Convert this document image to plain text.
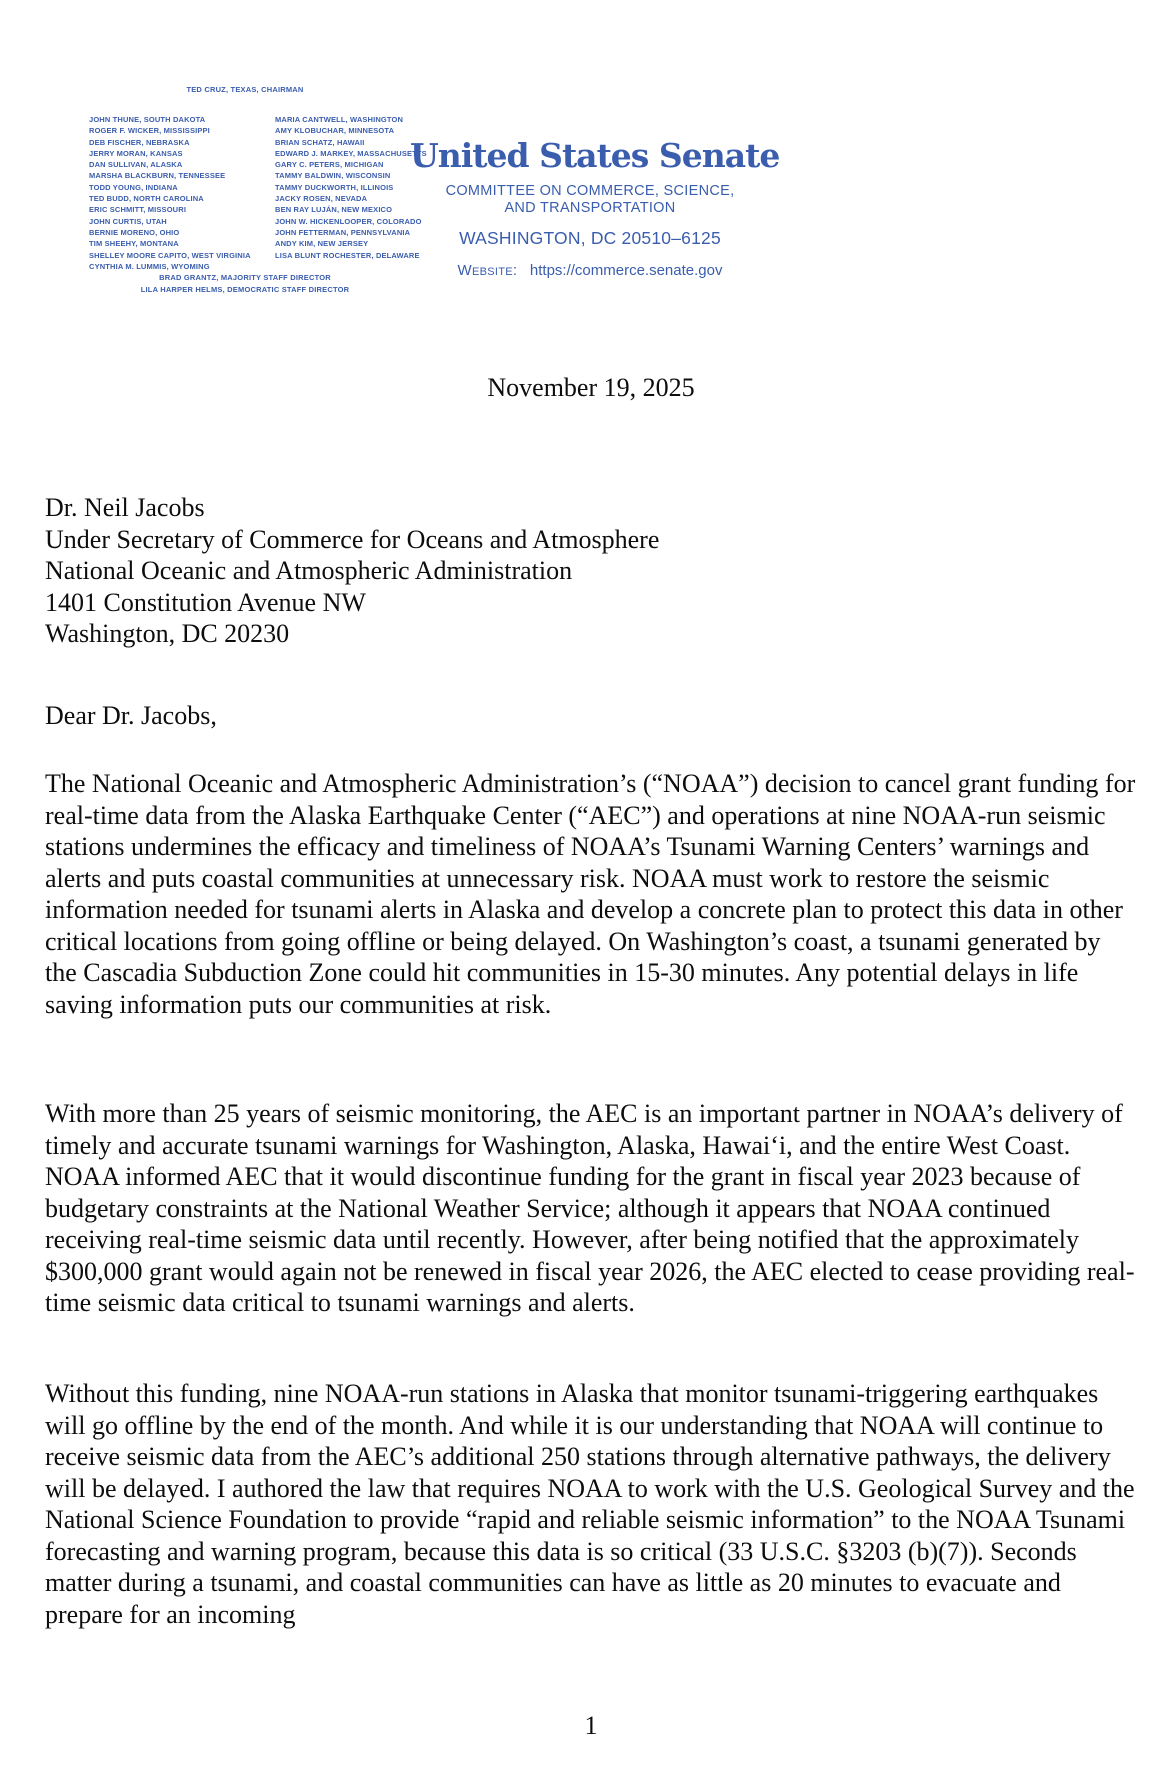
TED CRUZ, TEXAS, CHAIRMAN
JOHN THUNE, SOUTH DAKOTA
ROGER F. WICKER, MISSISSIPPI
DEB FISCHER, NEBRASKA
JERRY MORAN, KANSAS
DAN SULLIVAN, ALASKA
MARSHA BLACKBURN, TENNESSEE
TODD YOUNG, INDIANA
TED BUDD, NORTH CAROLINA
ERIC SCHMITT, MISSOURI
JOHN CURTIS, UTAH
BERNIE MORENO, OHIO
TIM SHEEHY, MONTANA
SHELLEY MOORE CAPITO, WEST VIRGINIA
CYNTHIA M. LUMMIS, WYOMING
MARIA CANTWELL, WASHINGTON
AMY KLOBUCHAR, MINNESOTA
BRIAN SCHATZ, HAWAII
EDWARD J. MARKEY, MASSACHUSETTS
GARY C. PETERS, MICHIGAN
TAMMY BALDWIN, WISCONSIN
TAMMY DUCKWORTH, ILLINOIS
JACKY ROSEN, NEVADA
BEN RAY LUJÁN, NEW MEXICO
JOHN W. HICKENLOOPER, COLORADO
JOHN FETTERMAN, PENNSYLVANIA
ANDY KIM, NEW JERSEY
LISA BLUNT ROCHESTER, DELAWARE
BRAD GRANTZ, MAJORITY STAFF DIRECTOR
LILA HARPER HELMS, DEMOCRATIC STAFF DIRECTOR
United States Senate
COMMITTEE ON COMMERCE, SCIENCE,
AND TRANSPORTATION
WASHINGTON, DC 20510–6125
Website: https://commerce.senate.gov
November 19, 2025
Dr. Neil Jacobs
Under Secretary of Commerce for Oceans and Atmosphere
National Oceanic and Atmospheric Administration
1401 Constitution Avenue NW
Washington, DC 20230
Dear Dr. Jacobs,

The National Oceanic and Atmospheric Administration’s (“NOAA”) decision to cancel grant funding for real-time data from the Alaska Earthquake Center (“AEC”) and operations at nine NOAA-run seismic stations undermines the efficacy and timeliness of NOAA’s Tsunami Warning Centers’ warnings and alerts and puts coastal communities at unnecessary risk. NOAA must work to restore the seismic information needed for tsunami alerts in Alaska and develop a concrete plan to protect this data in other critical locations from going offline or being delayed. On Washington’s coast, a tsunami generated by the Cascadia Subduction Zone could hit communities in 15-30 minutes. Any potential delays in life saving information puts our communities at risk.

With more than 25 years of seismic monitoring, the AEC is an important partner in NOAA’s delivery of timely and accurate tsunami warnings for Washington, Alaska, Hawaiʻi, and the entire West Coast. NOAA informed AEC that it would discontinue funding for the grant in fiscal year 2023 because of budgetary constraints at the National Weather Service; although it appears that NOAA continued receiving real-time seismic data until recently. However, after being notified that the approximately $300,000 grant would again not be renewed in fiscal year 2026, the AEC elected to cease providing real-time seismic data critical to tsunami warnings and alerts.

Without this funding, nine NOAA-run stations in Alaska that monitor tsunami-triggering earthquakes will go offline by the end of the month. And while it is our understanding that NOAA will continue to receive seismic data from the AEC’s additional 250 stations through alternative pathways, the delivery will be delayed. I authored the law that requires NOAA to work with the U.S. Geological Survey and the National Science Foundation to provide “rapid and reliable seismic information” to the NOAA Tsunami forecasting and warning program, because this data is so critical (33 U.S.C. §3203 (b)(7)). Seconds matter during a tsunami, and coastal communities can have as little as 20 minutes to evacuate and prepare for an incoming

1
